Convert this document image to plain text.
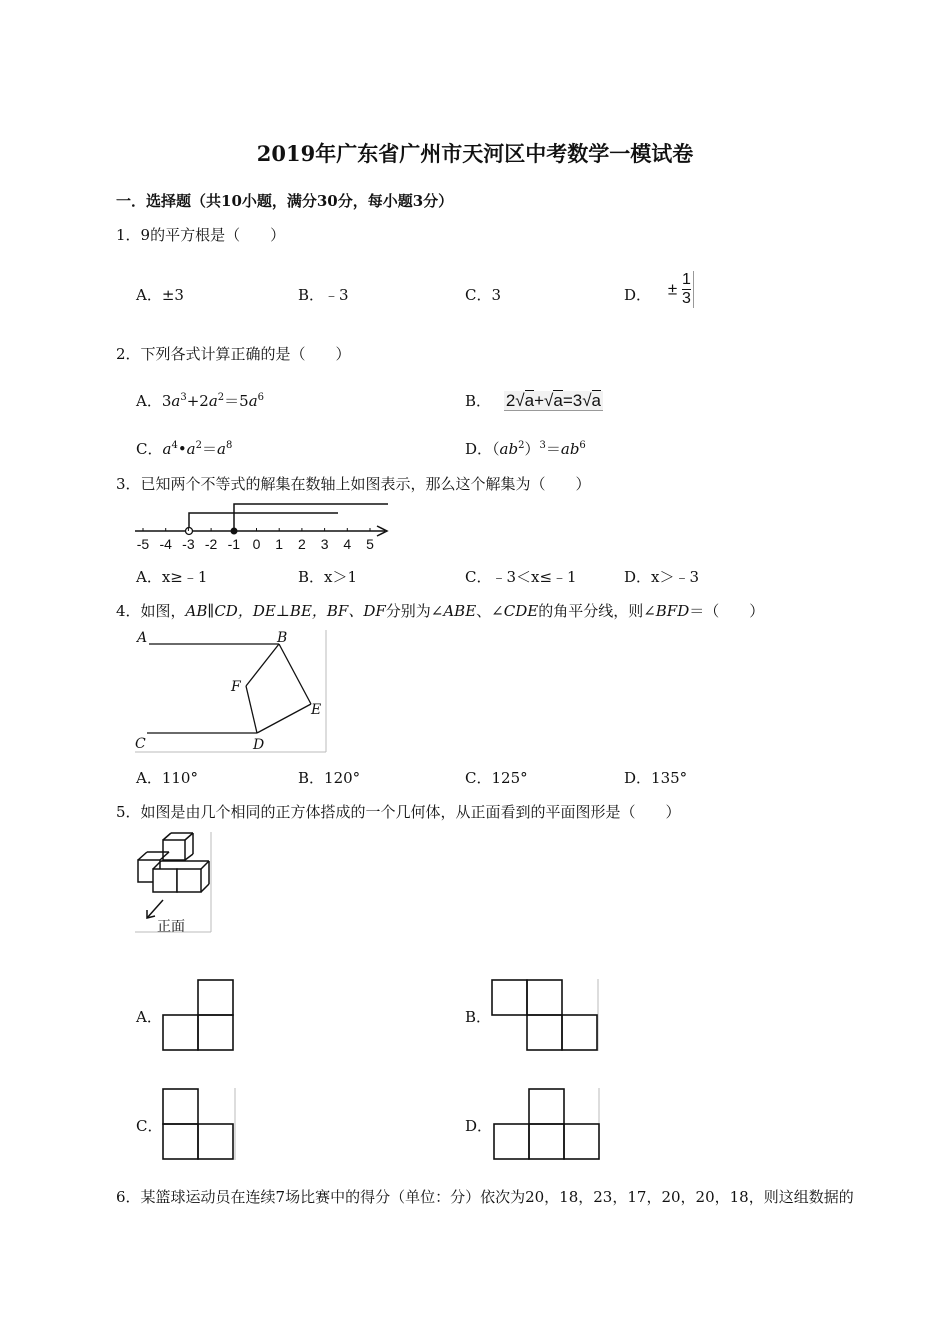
2019年广东省广州市天河区中考数学一模试卷
一．选择题（共10小题，满分30分，每小题3分）
1．9的平方根是（　　）
A．±3	B．﹣3	C．3	D． ± $\frac{1}{3}$
2．下列各式计算正确的是（　　）
A．$3a^3+2a^2=5a^6$	B． 2√a+√a=3√a
C．$a^4•a^2=a^8$	D．$(ab^2)^3=ab^6$
3．已知两个不等式的解集在数轴上如图表示，那么这个解集为（　　）
-5 -4 -3 -2 -1 0 1 2 3 4 5
A．x≥﹣1	B．x＞1	C．﹣3＜x≤﹣1	D．x＞﹣3
4．如图，AB∥CD，DE⊥BE，BF、DF分别为∠ABE、∠CDE的角平分线，则∠BFD＝（　　）
A	B
C	D
E
F
A．110°	B．120°	C．125°	D．135°
5．如图是由几个相同的正方体搭成的一个几何体，从正面看到的平面图形是（　　）
正面
A．	B．
C．	D．
6．某篮球运动员在连续7场比赛中的得分（单位：分）依次为20，18，23，17，20，20，18，则这组数据的
